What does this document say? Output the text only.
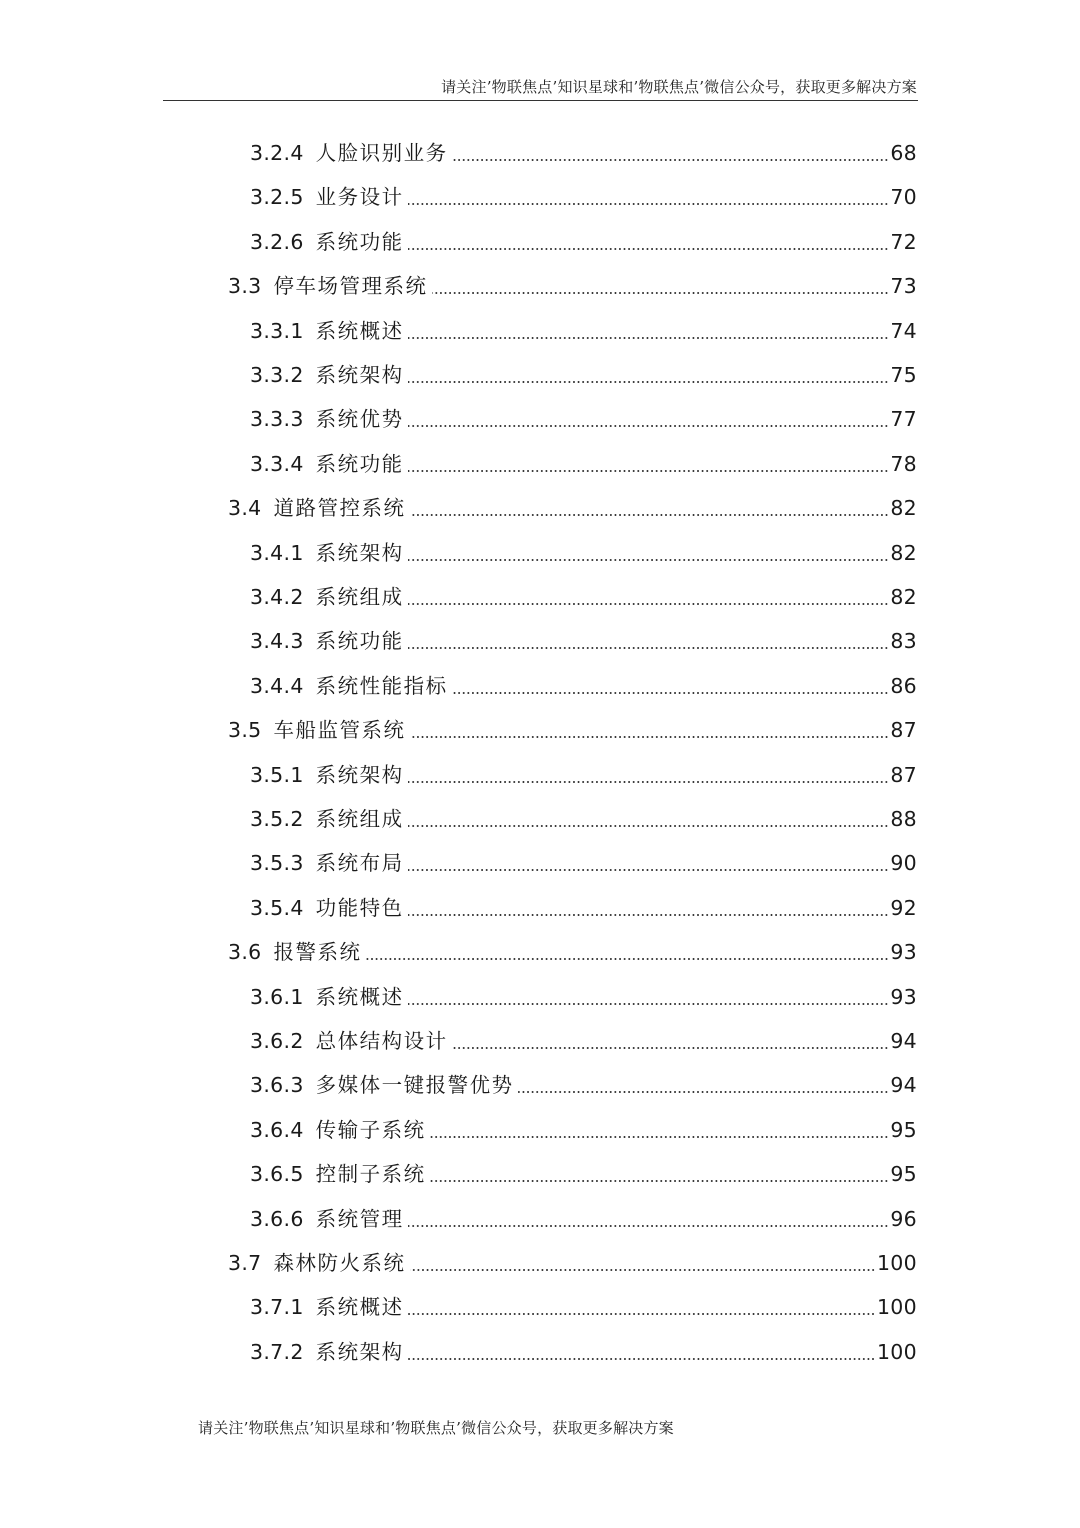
请关注’物联焦点’知识星球和’物联焦点’微信公众号，获取更多解决方案
3.2.4 人脸识别业务	68
3.2.5 业务设计	70
3.2.6 系统功能	72
3.3 停车场管理系统	73
3.3.1 系统概述	74
3.3.2 系统架构	75
3.3.3 系统优势	77
3.3.4 系统功能	78
3.4 道路管控系统	82
3.4.1 系统架构	82
3.4.2 系统组成	82
3.4.3 系统功能	83
3.4.4 系统性能指标	86
3.5 车船监管系统	87
3.5.1 系统架构	87
3.5.2 系统组成	88
3.5.3 系统布局	90
3.5.4 功能特色	92
3.6 报警系统	93
3.6.1 系统概述	93
3.6.2 总体结构设计	94
3.6.3 多媒体一键报警优势	94
3.6.4 传输子系统	95
3.6.5 控制子系统	95
3.6.6 系统管理	96
3.7 森林防火系统	100
3.7.1 系统概述	100
3.7.2 系统架构	100
请关注’物联焦点’知识星球和’物联焦点’微信公众号，获取更多解决方案
